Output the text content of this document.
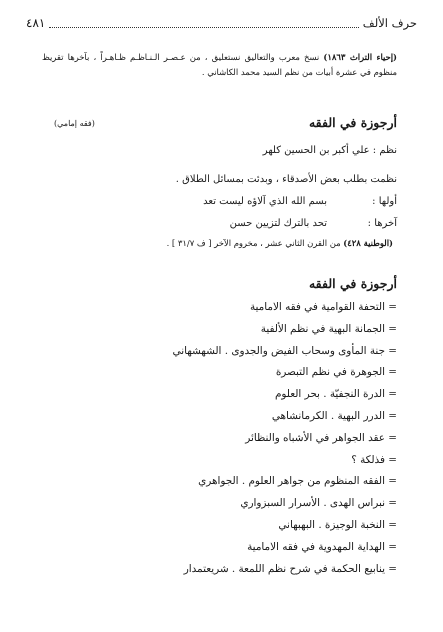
حرف الألف
٤٨١
(إحياء التراث ١٨٦٣) نسخ معرب والتعاليق نستعليق ، من عـصـر الـنـاظـم ظـاهـراً ، بآخرها تقريظ منظوم في عشرة أبيات من نظم السيد محمد الكاشاني .
أرجوزة في الفقه
(فقه إمامي)
نظم : علي أكبر بن الحسين كلهر
نظمت بطلب بعض الأصدقاء ، وبدئت بمسائل الطلاق .
أولها :
بسم الله الذي آلاؤه ليست تعد
آخرها :
تحد بالترك لتزيين حسن
(الوطنية ٤٢٨) من القرن الثاني عشر ، مخروم الآخر [ ف ٣١/٧ ] .
أرجوزة في الفقه
= التحفة القوامية في فقه الامامية
= الجمانة البهية في نظم الألفية
= جنة المأوى وسحاب الفيض والجدوى . الشهشهاني
= الجوهرة في نظم التبصرة
= الدرة النجفيّة . بحر العلوم
= الدرر البهية . الكرمانشاهي
= عقد الجواهر في الأشباه والنظائر
= فذلكة ؟
= الفقه المنظوم من جواهر العلوم . الجواهري
= نبراس الهدى . الأسرار السبزواري
= النخبة الوجيزة . البهبهاني
= الهداية المهدوية في فقه الامامية
= ينابيع الحكمة في شرح نظم اللمعة . شريعتمدار
